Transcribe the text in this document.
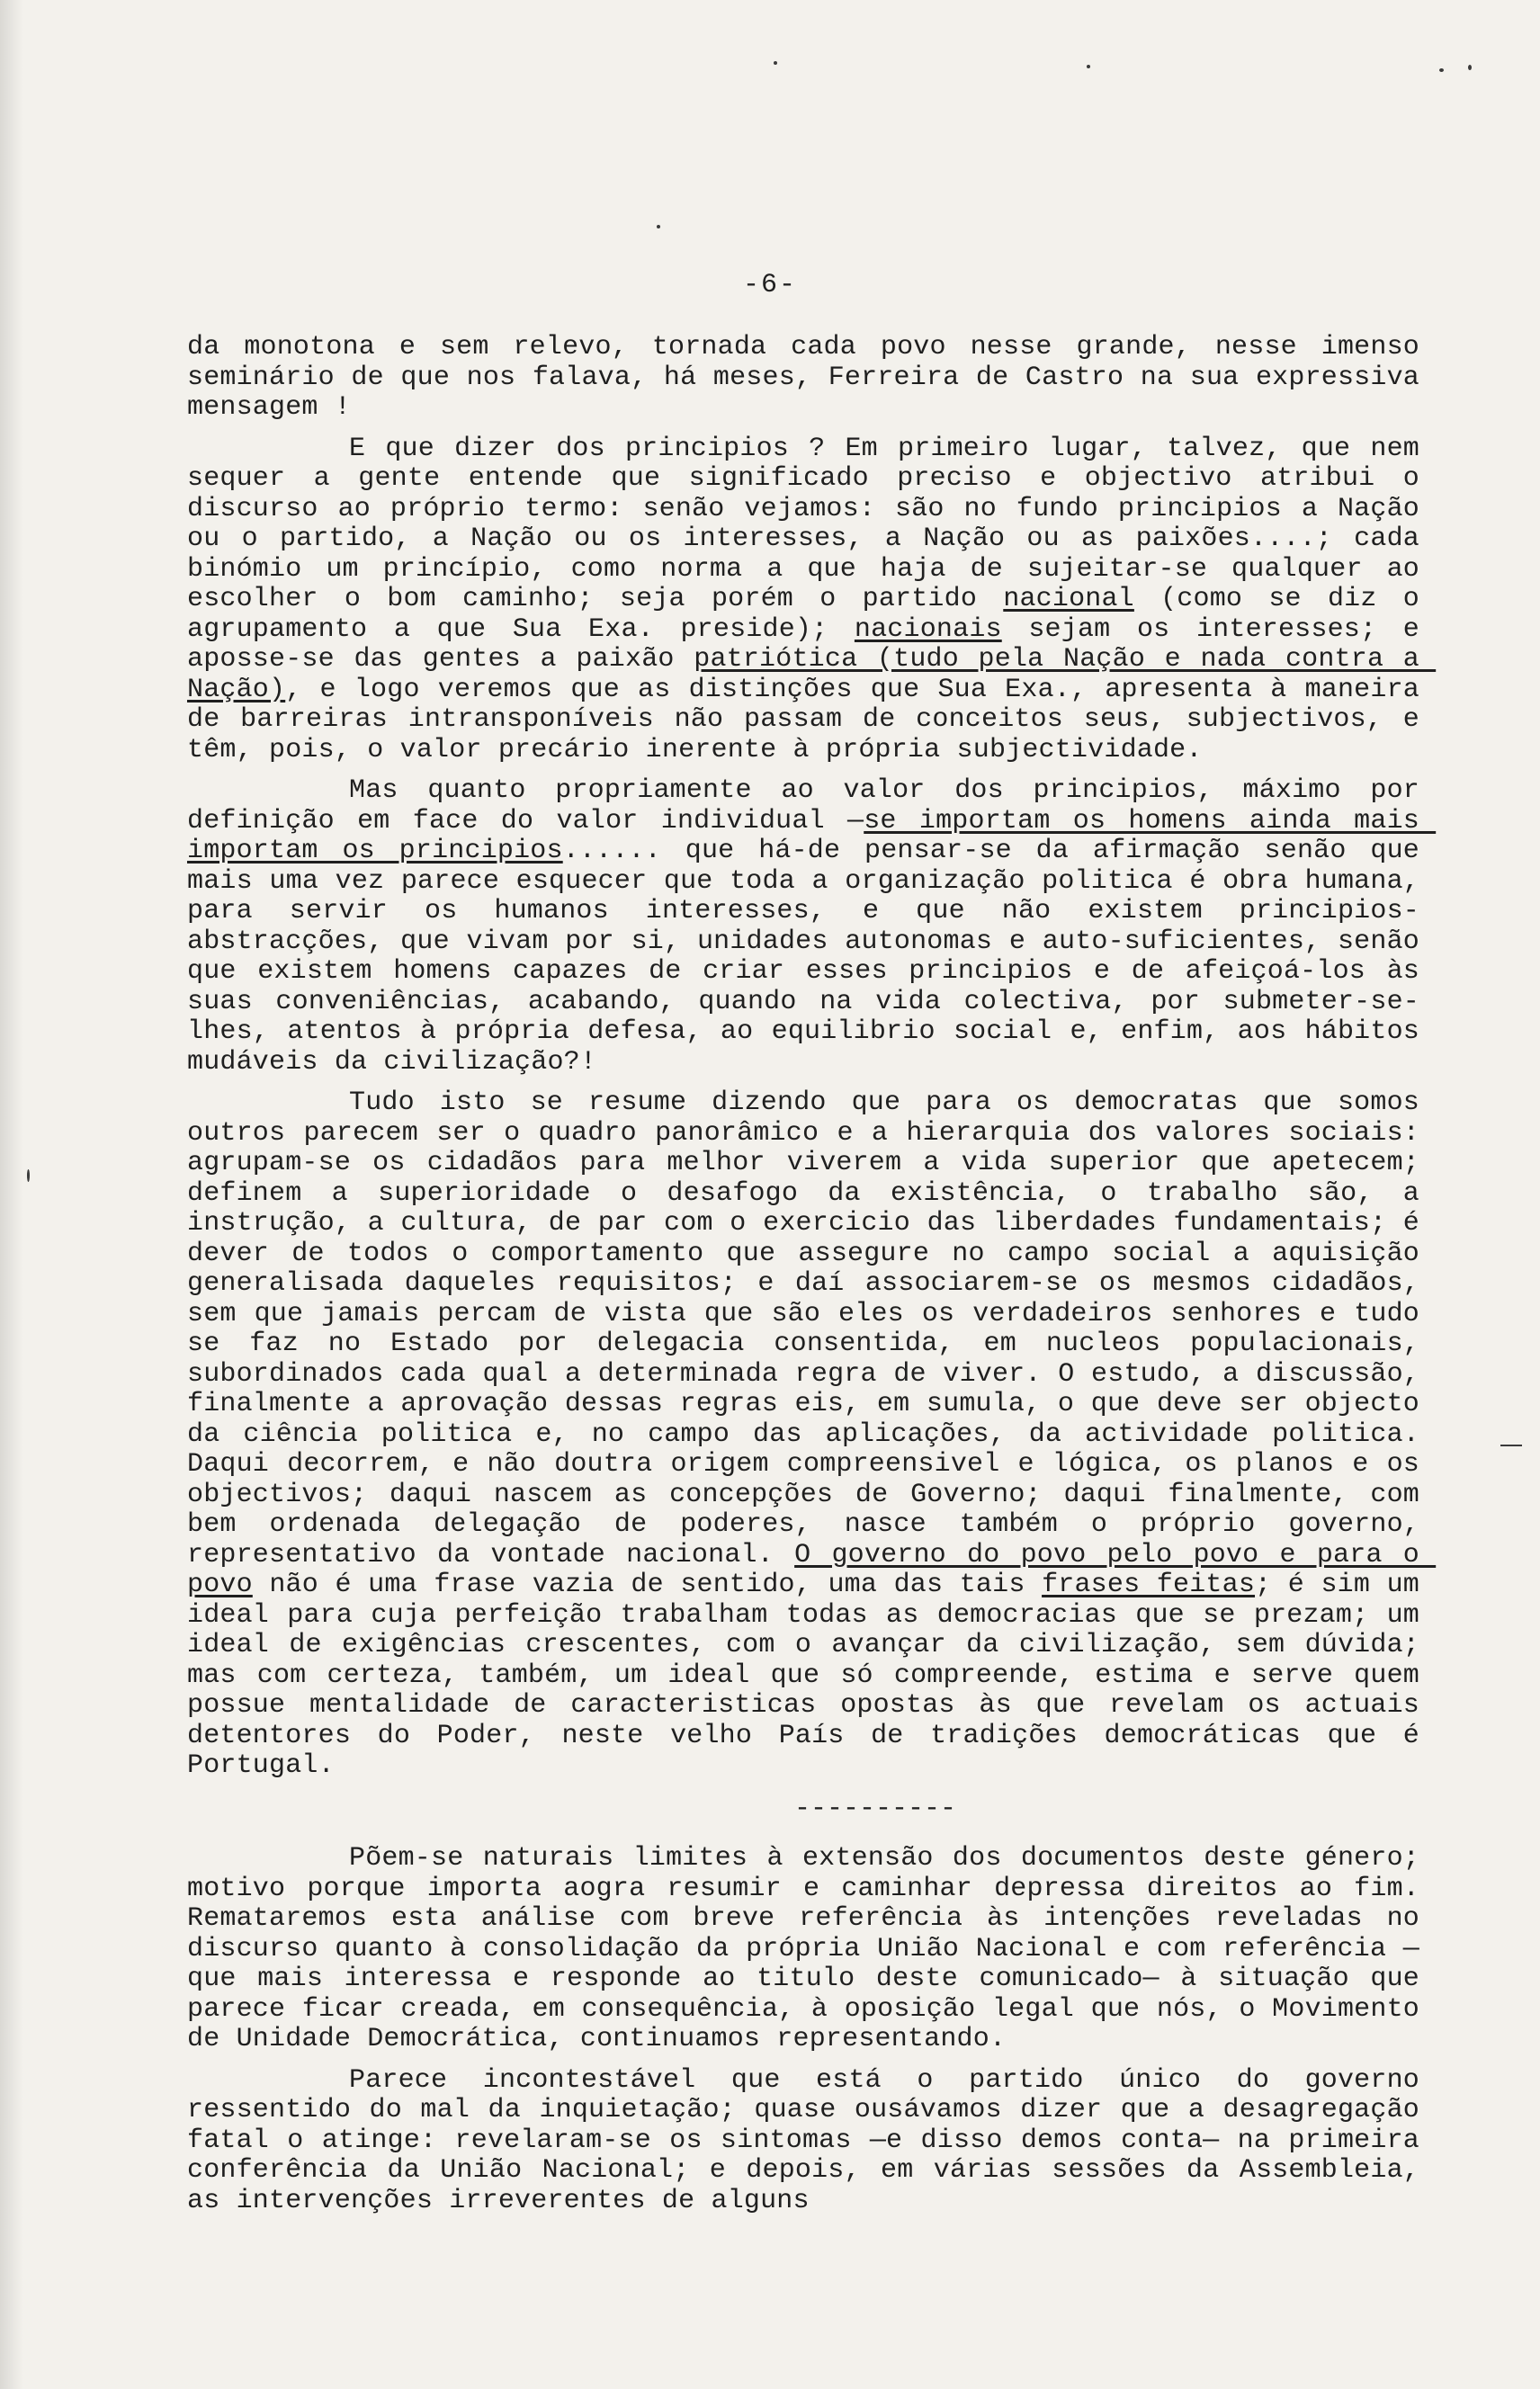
-6-

da monotona e sem relevo, tornada cada povo nesse grande, nesse imenso seminário de que nos falava, há meses, Ferreira de Castro na sua expressiva mensagem !

E que dizer dos principios ? Em primeiro lugar, talvez, que nem sequer a gente entende que significado preciso e objectivo atribui o discurso ao próprio termo: senão vejamos: são no fundo principios a Nação ou o partido, a Nação ou os interesses, a Nação ou as paixões....; cada binómio um princípio, como norma a que haja de sujeitar-se qualquer ao escolher o bom caminho; seja porém o partido nacional (como se diz o agrupamento a que Sua Exa. preside); nacionais sejam os interesses; e aposse-se das gentes a paixão patriótica (tudo pela Nação e nada contra a Nação), e logo veremos que as distinções que Sua Exa., apresenta à maneira de barreiras intransponíveis não passam de conceitos seus, subjectivos, e têm, pois, o valor precário inerente à própria subjectividade.

Mas quanto propriamente ao valor dos principios, máximo por definição em face do valor individual —se importam os homens ainda mais importam os principios...... que há-de pensar-se da afirmação senão que mais uma vez parece esquecer que toda a organização politica é obra humana, para servir os humanos interesses, e que não existem principios-abstracções, que vivam por si, unidades autonomas e auto-suficientes, senão que existem homens capazes de criar esses principios e de afeiçoá-los às suas conveniências, acabando, quando na vida colectiva, por submeter-se-lhes, atentos à própria defesa, ao equilibrio social e, enfim, aos hábitos mudáveis da civilização?!

Tudo isto se resume dizendo que para os democratas que somos outros parecem ser o quadro panorâmico e a hierarquia dos valores sociais: agrupam-se os cidadãos para melhor viverem a vida superior que apetecem; definem a superioridade o desafogo da existência, o trabalho são, a instrução, a cultura, de par com o exercicio das liberdades fundamentais; é dever de todos o comportamento que assegure no campo social a aquisição generalisada daqueles requisitos; e daí associarem-se os mesmos cidadãos, sem que jamais percam de vista que são eles os verdadeiros senhores e tudo se faz no Estado por delegacia consentida, em nucleos populacionais, subordinados cada qual a determinada regra de viver. O estudo, a discussão, finalmente a aprovação dessas regras eis, em sumula, o que deve ser objecto da ciência politica e, no campo das aplicações, da actividade politica. Daqui decorrem, e não doutra origem compreensivel e lógica, os planos e os objectivos; daqui nascem as concepções de Governo; daqui finalmente, com bem ordenada delegação de poderes, nasce também o próprio governo, representativo da vontade nacional. O governo do povo pelo povo e para o povo não é uma frase vazia de sentido, uma das tais frases feitas; é sim um ideal para cuja perfeição trabalham todas as democracias que se prezam; um ideal de exigências crescentes, com o avançar da civilização, sem dúvida; mas com certeza, também, um ideal que só compreende, estima e serve quem possue mentalidade de caracteristicas opostas às que revelam os actuais detentores do Poder, neste velho País de tradições democráticas que é Portugal.

----------

Põem-se naturais limites à extensão dos documentos deste género; motivo porque importa aogra resumir e caminhar depressa direitos ao fim. Remataremos esta análise com breve referência às intenções reveladas no discurso quanto à consolidação da própria União Nacional e com referência —que mais interessa e responde ao titulo deste comunicado— à situação que parece ficar creada, em consequência, à oposição legal que nós, o Movimento de Unidade Democrática, continuamos representando.

Parece incontestável que está o partido único do governo ressentido do mal da inquietação; quase ousávamos dizer que a desagregação fatal o atinge: revelaram-se os sintomas —e disso demos conta— na primeira conferência da União Nacional; e depois, em várias sessões da Assembleia, as intervenções irreverentes de alguns
